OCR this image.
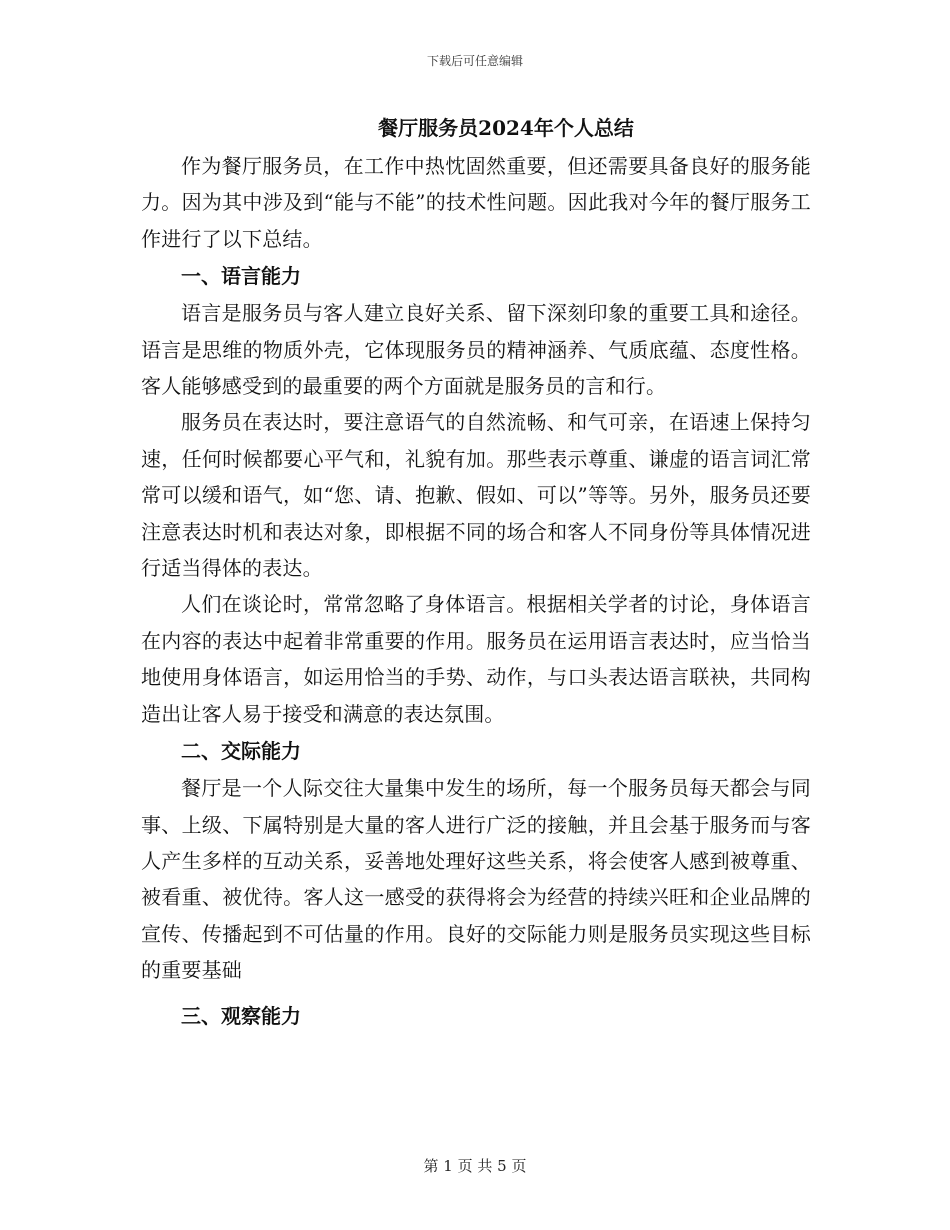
下载后可任意编辑
餐厅服务员2024年个人总结

作为餐厅服务员，在工作中热忱固然重要，但还需要具备良好的服务能力。因为其中涉及到“能与不能”的技术性问题。因此我对今年的餐厅服务工作进行了以下总结。

一、语言能力

语言是服务员与客人建立良好关系、留下深刻印象的重要工具和途径。语言是思维的物质外壳，它体现服务员的精神涵养、气质底蕴、态度性格。客人能够感受到的最重要的两个方面就是服务员的言和行。

服务员在表达时，要注意语气的自然流畅、和气可亲，在语速上保持匀速，任何时候都要心平气和，礼貌有加。那些表示尊重、谦虚的语言词汇常常可以缓和语气，如“您、请、抱歉、假如、可以”等等。另外，服务员还要注意表达时机和表达对象，即根据不同的场合和客人不同身份等具体情况进行适当得体的表达。

人们在谈论时，常常忽略了身体语言。根据相关学者的讨论，身体语言在内容的表达中起着非常重要的作用。服务员在运用语言表达时，应当恰当地使用身体语言，如运用恰当的手势、动作，与口头表达语言联袂，共同构造出让客人易于接受和满意的表达氛围。

二、交际能力

餐厅是一个人际交往大量集中发生的场所，每一个服务员每天都会与同事、上级、下属特别是大量的客人进行广泛的接触，并且会基于服务而与客人产生多样的互动关系，妥善地处理好这些关系，将会使客人感到被尊重、被看重、被优待。客人这一感受的获得将会为经营的持续兴旺和企业品牌的宣传、传播起到不可估量的作用。良好的交际能力则是服务员实现这些目标的重要基础

三、观察能力
第 1 页 共 5 页
